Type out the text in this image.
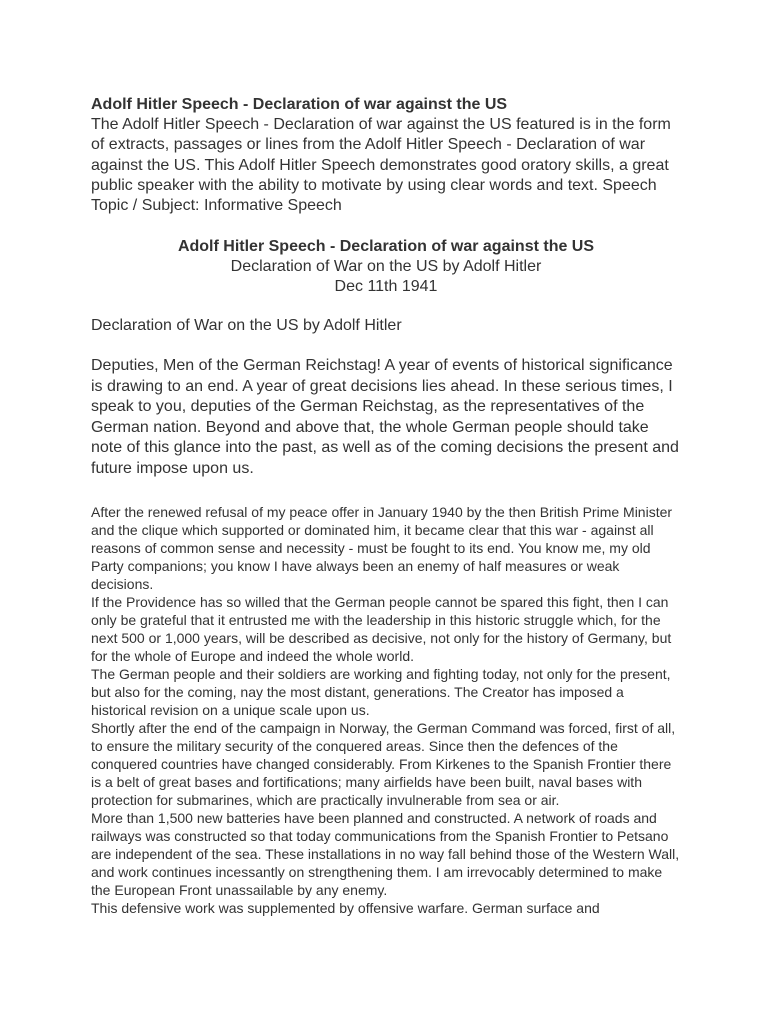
Adolf Hitler Speech - Declaration of war against the US

The Adolf Hitler Speech - Declaration of war against the US featured is in the form of extracts, passages or lines from the Adolf Hitler Speech - Declaration of war against the US. This Adolf Hitler Speech demonstrates good oratory skills, a great public speaker with the ability to motivate by using clear words and text. Speech Topic / Subject: Informative Speech

Adolf Hitler Speech - Declaration of war against the US

Declaration of War on the US by Adolf Hitler

Dec 11th 1941

Declaration of War on the US by Adolf Hitler

Deputies, Men of the German Reichstag! A year of events of historical significance is drawing to an end. A year of great decisions lies ahead. In these serious times, I speak to you, deputies of the German Reichstag, as the representatives of the German nation. Beyond and above that, the whole German people should take note of this glance into the past, as well as of the coming decisions the present and future impose upon us.

After the renewed refusal of my peace offer in January 1940 by the then British Prime Minister and the clique which supported or dominated him, it became clear that this war - against all reasons of common sense and necessity - must be fought to its end. You know me, my old Party companions; you know I have always been an enemy of half measures or weak decisions.

If the Providence has so willed that the German people cannot be spared this fight, then I can only be grateful that it entrusted me with the leadership in this historic struggle which, for the next 500 or 1,000 years, will be described as decisive, not only for the history of Germany, but for the whole of Europe and indeed the whole world.

The German people and their soldiers are working and fighting today, not only for the present, but also for the coming, nay the most distant, generations. The Creator has imposed a historical revision on a unique scale upon us.

Shortly after the end of the campaign in Norway, the German Command was forced, first of all, to ensure the military security of the conquered areas. Since then the defences of the conquered countries have changed considerably. From Kirkenes to the Spanish Frontier there is a belt of great bases and fortifications; many airfields have been built, naval bases with protection for submarines, which are practically invulnerable from sea or air.

More than 1,500 new batteries have been planned and constructed. A network of roads and railways was constructed so that today communications from the Spanish Frontier to Petsano are independent of the sea. These installations in no way fall behind those of the Western Wall, and work continues incessantly on strengthening them. I am irrevocably determined to make the European Front unassailable by any enemy.

This defensive work was supplemented by offensive warfare. German surface and
